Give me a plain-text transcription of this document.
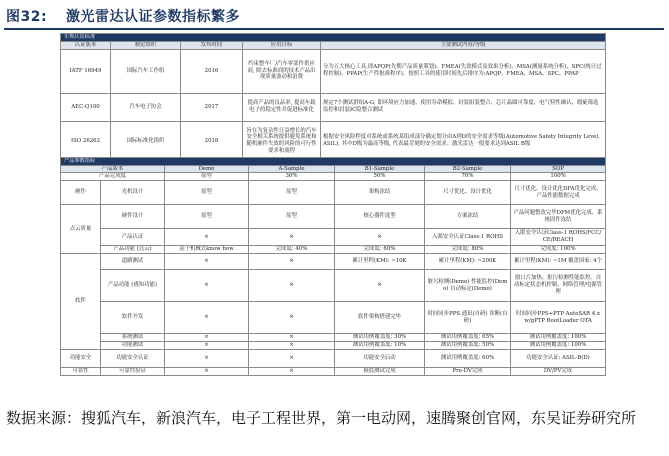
图32: 激光雷达认证参数指标繁多
车规认证标准				
认证版本	制定组织	发布时间	应用目标	主要测试内容/等级
IATF 16949	国际汽车工作组	2016	约束整车厂/汽车零部件供应商, 除去标准商的技术产品出现质量波动和浪费	分为五大核心工具,即APQP(先期产品质量策划)、FMEA(失效模式及效果分析)、MSA(测量系统分析)、SPC(统计过程控制)、PPAP(生产件批准程序)。按照工具的使用时间先后排序为:APQP、FMEA、MSA、SPC、PPAP
AEC-Q100	汽车电子协会	2017	提高产品的良品率, 提高车载电子的稳定性并促进标准化	规定7个测试群组A-G, 即环境应力加速、使用寿命模拟、封装组装整合、芯片晶圆可靠度、电气特性确认、瑕疵筛选监控和封装IC隐整合测试
ISO 26262	国际标准化组织	2018	旨在为复杂性日益增长的汽车安全相关系统提供避免系统和随机硬件失效的风险的可行性要求和流程	根据安全风险程度对系统或系统某组成部分确定划分由A到D的安全需求等级(Automotive Safety Integrity Level, ASIL), 其中D级为最高等级, 代表最苛刻的安全需求。激光雷达一般要求达到ASIL B级
产品参数指标						
产品版本		Demo	A-Sample	B1-Sample	B2-Sample	SOP
产品完成度		原型	30%	50%	70%	100%
硬件	光机设计	原型	原型	架构冻结	尺寸优化、设计优化	尺寸优化、设计优化DFA优化完成、产品性能数据完成
点云质量	硬件设计	原型	原型	核心器件选型	方案冻结	产品问题整改完毕DFM优化完成、系统固件冻结
	产品认证	×	×	×	入眼安全认证Class-1 ROHS	入眼安全认证Class-1 ROHS/FCC/CE/REACH
	产品功能 (点云)	基于机械式know how	完成度: 40%	完成度: 60%	完成度: 80%	完成度: 100%
软件	道路测试	×	×	累计里程(KM): ~10K	累计里程(KM): ~200K	累计里程(KM): ~1M 覆盖国家: 4个
	产品功能 (感知功能)	×	×	×	脏污检测(Demo) 性能监控(Demo) 自动标定(Demo)	窗口片加热、脏污检测性能监控、自动标定状态机控制、网络管理/电源管理
	软件开发	×	×	软件架构搭建完毕	时间同步PPS 通讯(自研) 诊断(自研)	时间同步PPS+PTP AutoSAR 4.x w/gPTP BootLoader OTA
	系统测试	×	×	测试用例覆盖度: 30%	测试用例覆盖度: 65%	测试用例覆盖度: 100%
	功能测试	×	×	测试用例覆盖度: 10%	测试用例覆盖度: 50%	测试用例覆盖度: 100%
功能安全	功能安全认证	×	×	功能安全启动	测试用例覆盖度: 60%	功能安全认证: ASIL-B(D)
可靠性	可靠性验证	×	×	摸底测试完成	Pre-DV完成	DV/PV完成
数据来源：搜狐汽车，新浪汽车，电子工程世界，第一电动网，速腾聚创官网，东吴证券研究所
